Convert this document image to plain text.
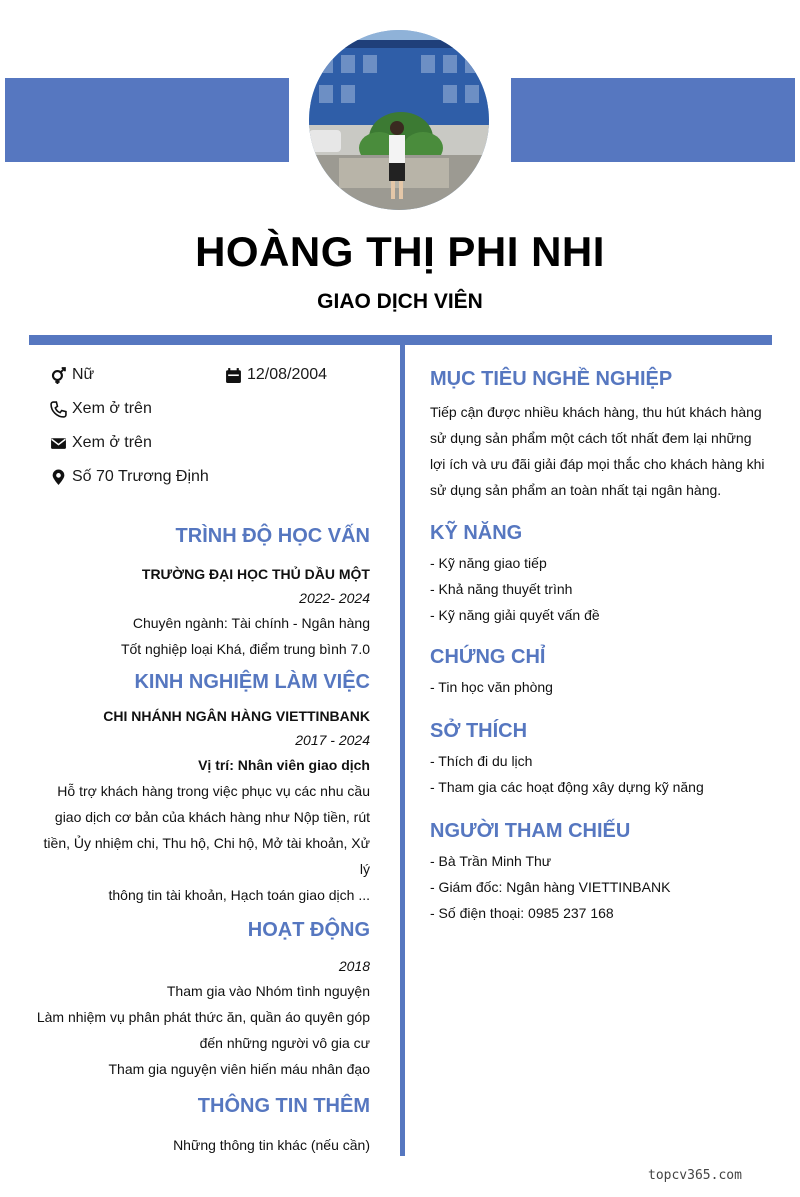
HOÀNG THỊ PHI NHI
GIAO DỊCH VIÊN
Nữ	12/08/2004
Xem ở trên
Xem ở trên
Số 70 Trương Định
TRÌNH ĐỘ HỌC VẤN
TRƯỜNG ĐẠI HỌC THỦ DẦU MỘT
2022- 2024
Chuyên ngành: Tài chính - Ngân hàng
Tốt nghiệp loại Khá, điểm trung bình 7.0
KINH NGHIỆM LÀM VIỆC
CHI NHÁNH NGÂN HÀNG VIETTINBANK
2017 - 2024
Vị trí: Nhân viên giao dịch
Hỗ trợ khách hàng trong việc phục vụ các nhu cầu
giao dịch cơ bản của khách hàng như Nộp tiền, rút
tiền, Ủy nhiệm chi, Thu hộ, Chi hộ, Mở tài khoản, Xử lý
thông tin tài khoản, Hạch toán giao dịch ...
HOẠT ĐỘNG
2018
Tham gia vào Nhóm tình nguyện
Làm nhiệm vụ phân phát thức ăn, quần áo quyên góp
đến những người vô gia cư
Tham gia nguyện viên hiến máu nhân đạo
THÔNG TIN THÊM
Những thông tin khác (nếu cần)
MỤC TIÊU NGHỀ NGHIỆP
Tiếp cận được nhiều khách hàng, thu hút khách hàng
sử dụng sản phẩm một cách tốt nhất đem lại những
lợi ích và ưu đãi giải đáp mọi thắc cho khách hàng khi
sử dụng sản phẩm an toàn nhất tại ngân hàng.
KỸ NĂNG
- Kỹ năng giao tiếp
- Khả năng thuyết trình
- Kỹ năng giải quyết vấn đề
CHỨNG CHỈ
- Tin học văn phòng
SỞ THÍCH
- Thích đi du lịch
- Tham gia các hoạt động xây dựng kỹ năng
NGƯỜI THAM CHIẾU
- Bà Trần Minh Thư
- Giám đốc: Ngân hàng VIETTINBANK
- Số điện thoại: 0985 237 168
topcv365.com
